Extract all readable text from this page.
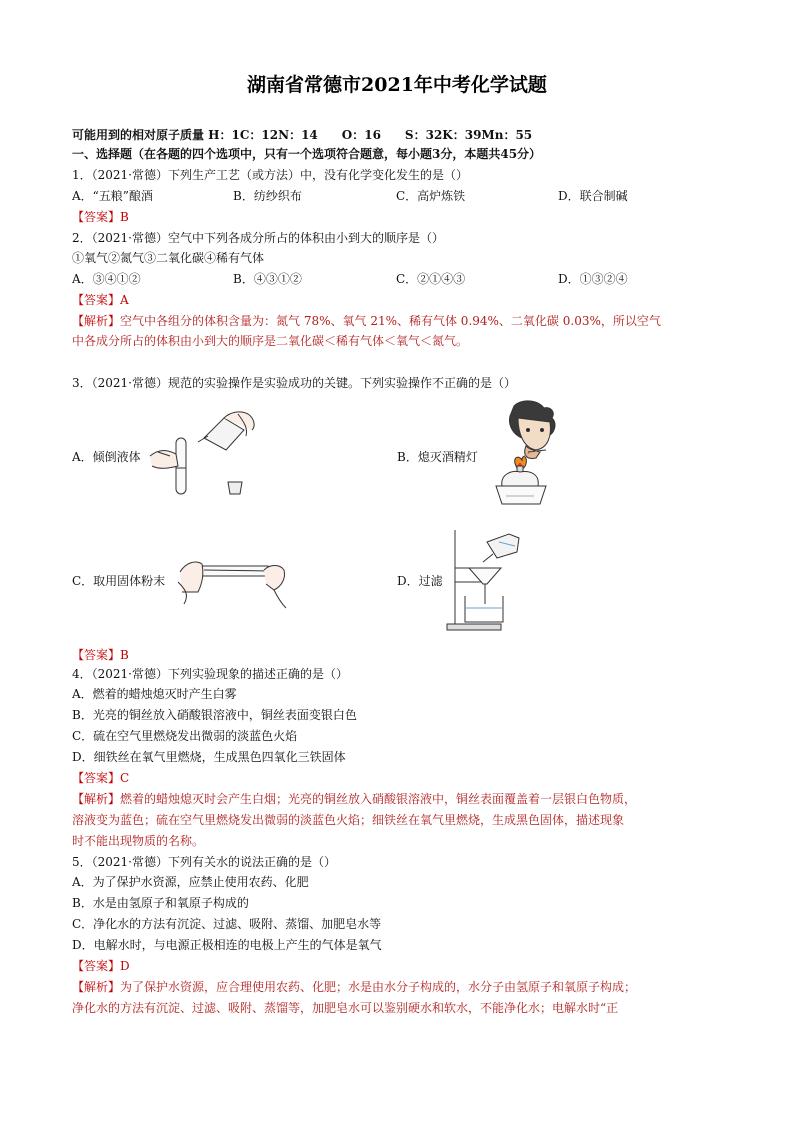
湖南省常德市2021年中考化学试题
可能用到的相对原子质量 H：1C：12N：14　　O：16　　S：32K：39Mn：55
一、选择题（在各题的四个选项中，只有一个选项符合题意，每小题3分，本题共45分）
1．（2021·常德）下列生产工艺（或方法）中，没有化学变化发生的是（）
A．“五粮”酿酒	B．纺纱织布	C．高炉炼铁	D．联合制碱
【答案】B
2．（2021·常德）空气中下列各成分所占的体积由小到大的顺序是（）
①氧气②氮气③二氧化碳④稀有气体
A．③④①②	B．④③①②	C．②①④③	D．①③②④
【答案】A
【解析】空气中各组分的体积含量为：氮气 78%、氧气 21%、稀有气体 0.94%、二氧化碳 0.03%，所以空气
中各成分所占的体积由小到大的顺序是二氧化碳＜稀有气体＜氧气＜氮气。
3．（2021·常德）规范的实验操作是实验成功的关键。下列实验操作不正确的是（）
A．倾倒液体	B．熄灭酒精灯
C．取用固体粉末	D．过滤
【答案】B
4．（2021·常德）下列实验现象的描述正确的是（）
A．燃着的蜡烛熄灭时产生白雾
B．光亮的铜丝放入硝酸银溶液中，铜丝表面变银白色
C．硫在空气里燃烧发出微弱的淡蓝色火焰
D．细铁丝在氧气里燃烧，生成黑色四氧化三铁固体
【答案】C
【解析】燃着的蜡烛熄灭时会产生白烟；光亮的铜丝放入硝酸银溶液中，铜丝表面覆盖着一层银白色物质，
溶液变为蓝色；硫在空气里燃烧发出微弱的淡蓝色火焰；细铁丝在氧气里燃烧，生成黑色固体，描述现象
时不能出现物质的名称。
5．（2021·常德）下列有关水的说法正确的是（）
A．为了保护水资源，应禁止使用农药、化肥
B．水是由氢原子和氧原子构成的
C．净化水的方法有沉淀、过滤、吸附、蒸馏、加肥皂水等
D．电解水时，与电源正极相连的电极上产生的气体是氧气
【答案】D
【解析】为了保护水资源，应合理使用农药、化肥；水是由水分子构成的，水分子由氢原子和氧原子构成；
净化水的方法有沉淀、过滤、吸附、蒸馏等，加肥皂水可以鉴别硬水和软水，不能净化水；电解水时“正
